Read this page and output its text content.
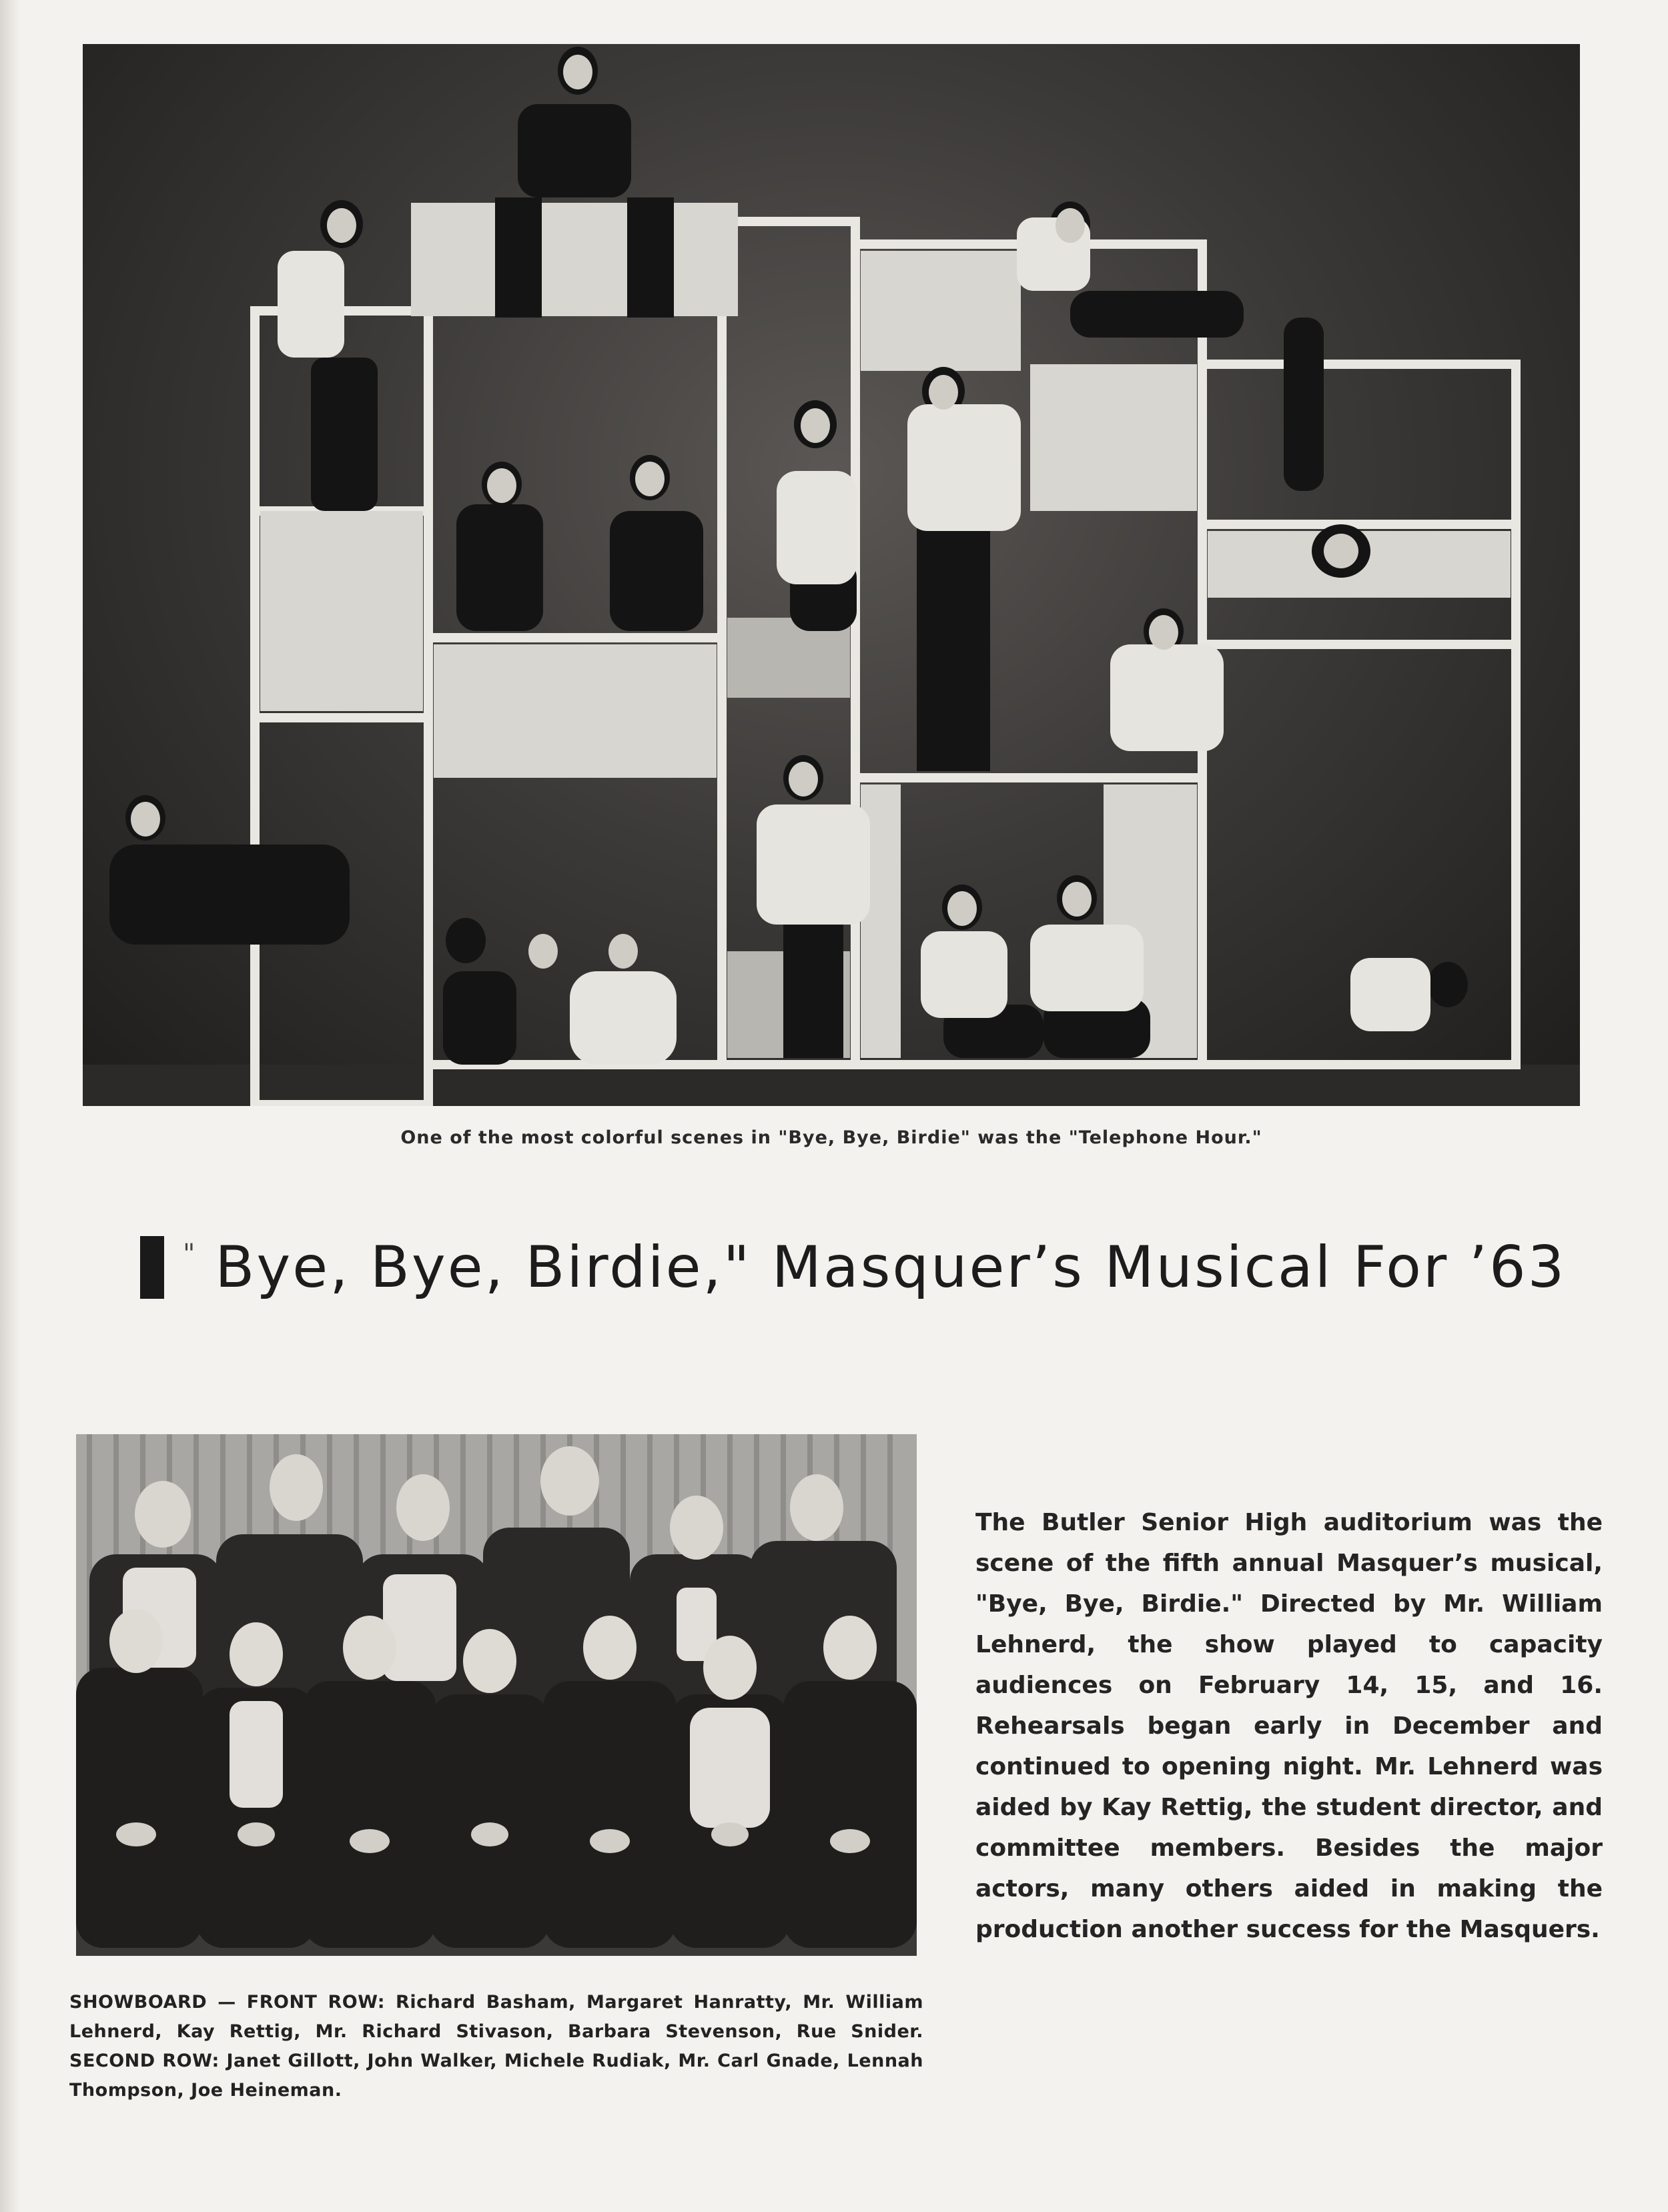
One of the most colorful scenes in "Bye, Bye, Birdie" was the "Telephone Hour."
" Bye, Bye, Birdie," Masquer’s Musical For ’63
The Butler Senior High auditorium was the scene of the fifth annual Masquer’s musical, "Bye, Bye, Birdie." Directed by Mr. William Lehnerd, the show played to capacity audiences on February 14, 15, and 16. Rehearsals began early in December and continued to opening night. Mr. Lehnerd was aided by Kay Rettig, the student director, and committee members. Besides the major actors, many others aided in making the production another success for the Masquers.
SHOWBOARD — FRONT ROW: Richard Basham, Margaret Hanratty, Mr. William Lehnerd, Kay Rettig, Mr. Richard Stivason, Barbara Stevenson, Rue Snider. SECOND ROW: Janet Gillott, John Walker, Michele Rudiak, Mr. Carl Gnade, Lennah Thompson, Joe Heineman.
